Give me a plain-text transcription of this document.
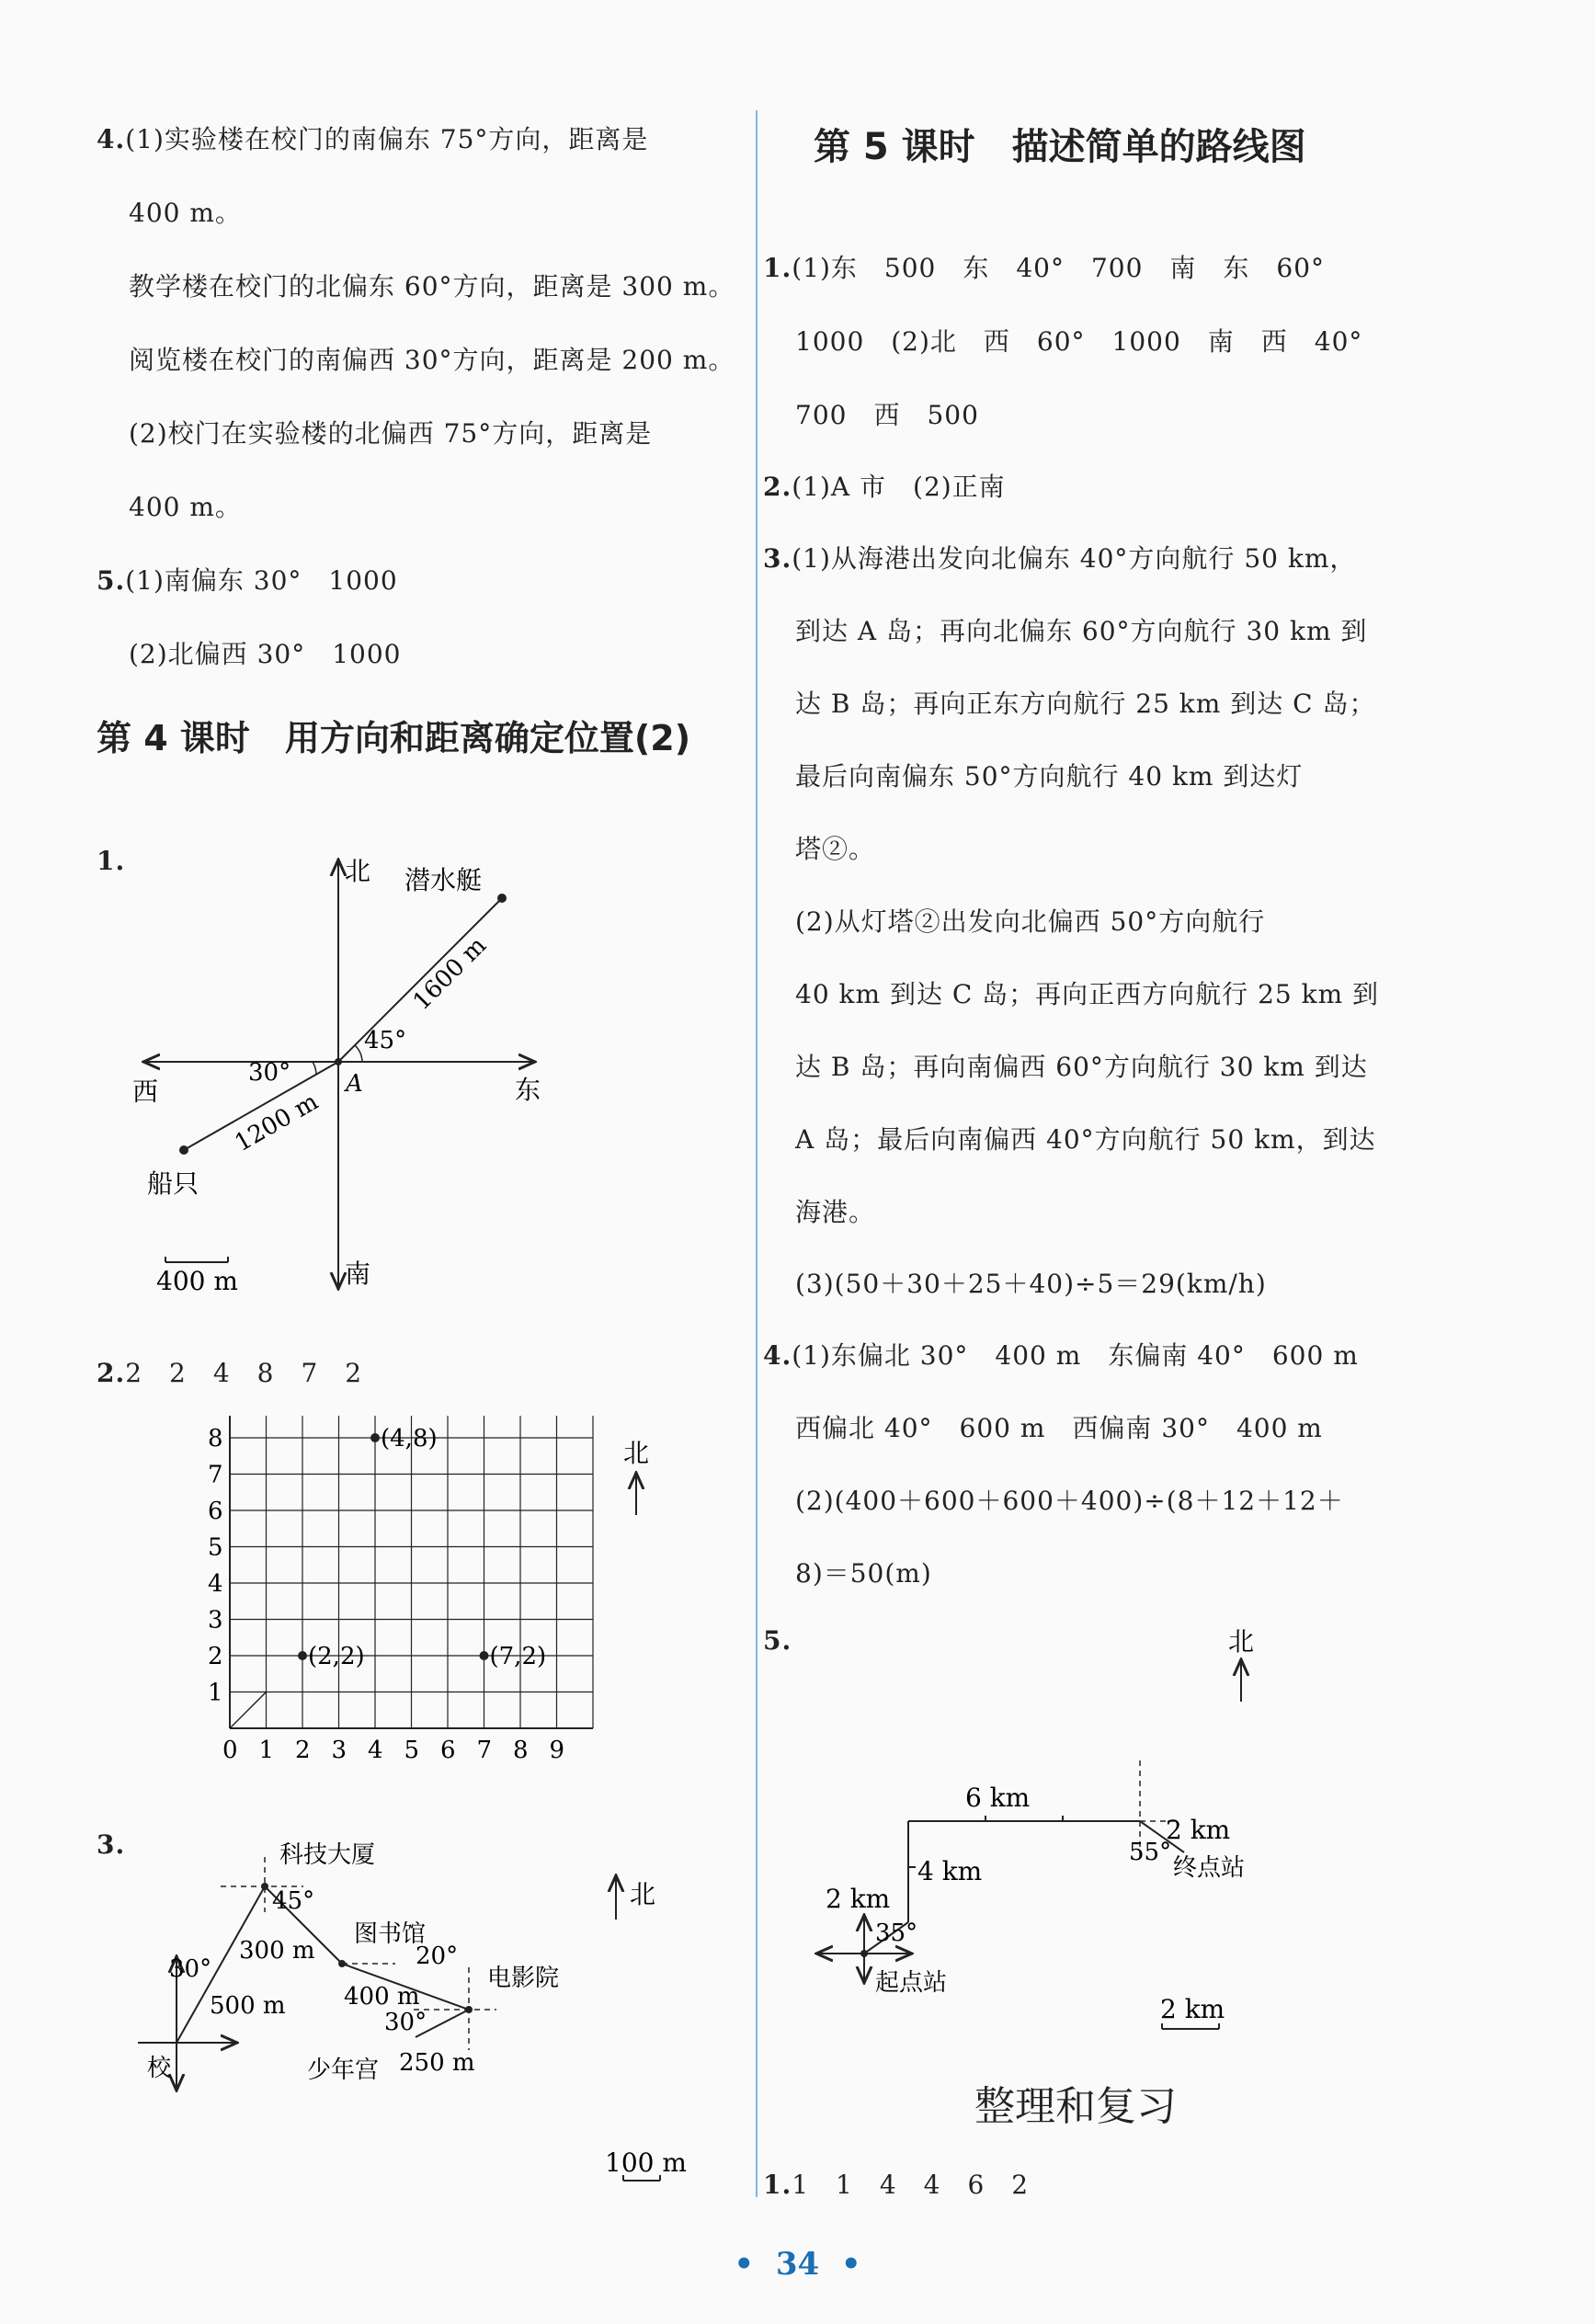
4.(1)实验楼在校门的南偏东 75°方向，距离是
400 m。
教学楼在校门的北偏东 60°方向，距离是 300 m。
阅览楼在校门的南偏西 30°方向，距离是 200 m。
(2)校门在实验楼的北偏西 75°方向，距离是
400 m。
5.(1)南偏东 30°　1000
(2)北偏西 30°　1000
第 4 课时　用方向和距离确定位置(2)
1.	北
南
西	东
A
潜水艇
船只
1600 m
1200 m
45°
30°
400 m
2.2　2　4　8　7　2
0 1 2 3 4 5 6 7 8 9
1
2
3
4
5
6
7
8	(4,8)
(2,2)	(7,2)
北
3.	科技大厦
图书馆
电影院
少年宫
校
500 m
300 m
400 m
250 m
30°
45°
20°
30°
北
100 m
第 5 课时　描述简单的路线图
1.(1)东　500　东　40°　700　南　东　60°
1000　(2)北　西　60°　1000　南　西　40°
700　西　500
2.(1)A 市　(2)正南
3.(1)从海港出发向北偏东 40°方向航行 50 km，
到达 A 岛；再向北偏东 60°方向航行 30 km 到
达 B 岛；再向正东方向航行 25 km 到达 C 岛；
最后向南偏东 50°方向航行 40 km 到达灯
塔②。
(2)从灯塔②出发向北偏西 50°方向航行
40 km 到达 C 岛；再向正西方向航行 25 km 到
达 B 岛；再向南偏西 60°方向航行 30 km 到达
A 岛；最后向南偏西 40°方向航行 50 km，到达
海港。
(3)(50＋30＋25＋40)÷5＝29(km/h)
4.(1)东偏北 30°　400 m　东偏南 40°　600 m
西偏北 40°　600 m　西偏南 30°　400 m
(2)(400＋600＋600＋400)÷(8＋12＋12＋
8)＝50(m)
5.	北
6 km
4 km
2 km
2 km
35°
55°
起点站
终点站
2 km
整理和复习
1.1　1　4　4　6　2
•  34  •
